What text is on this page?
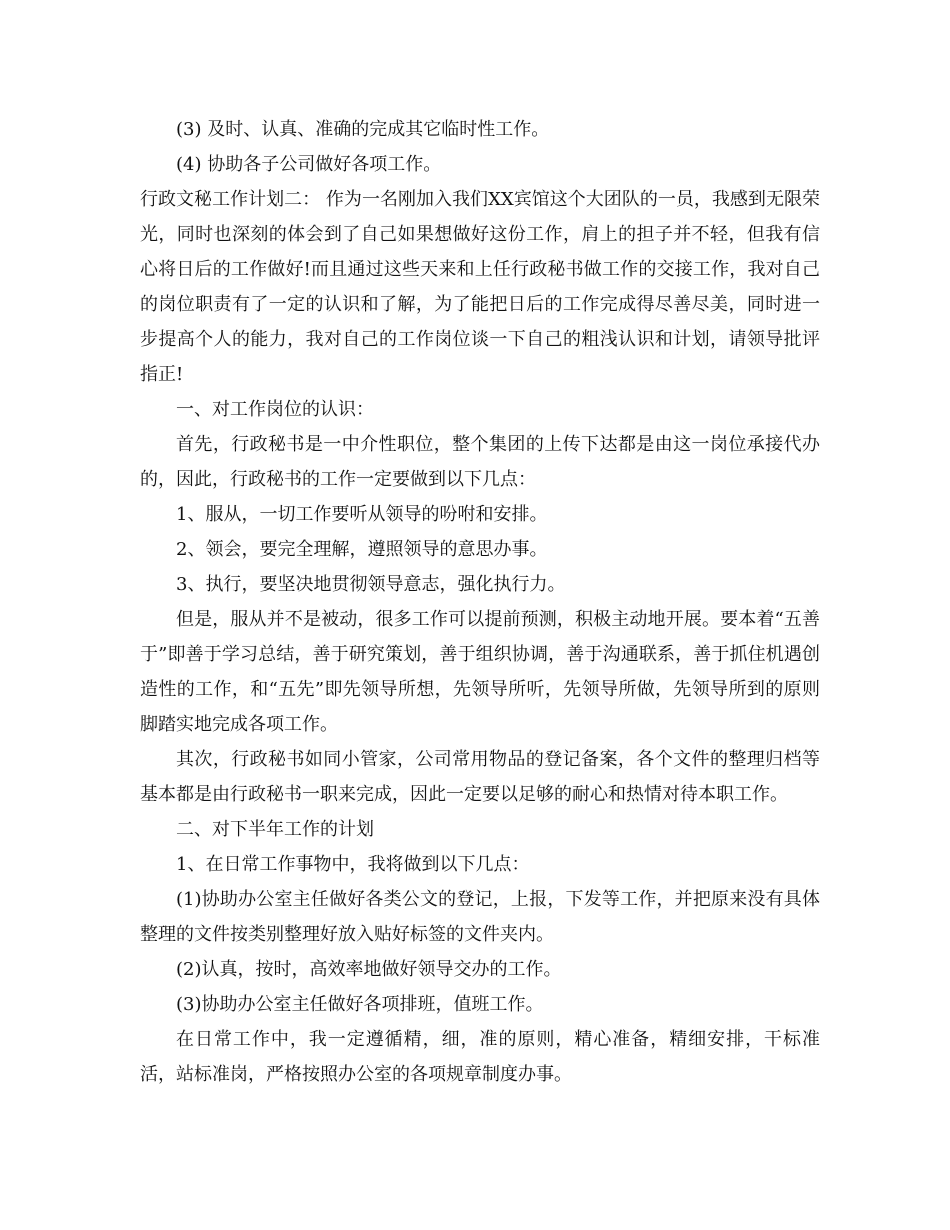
(3) 及时、认真、准确的完成其它临时性工作。

(4) 协助各子公司做好各项工作。

行政文秘工作计划二： 作为一名刚加入我们XX宾馆这个大团队的一员，我感到无限荣光，同时也深刻的体会到了自己如果想做好这份工作，肩上的担子并不轻，但我有信心将日后的工作做好!而且通过这些天来和上任行政秘书做工作的交接工作，我对自己的岗位职责有了一定的认识和了解，为了能把日后的工作完成得尽善尽美，同时进一步提高个人的能力，我对自己的工作岗位谈一下自己的粗浅认识和计划，请领导批评指正!

一、对工作岗位的认识：

首先，行政秘书是一中介性职位，整个集团的上传下达都是由这一岗位承接代办的，因此，行政秘书的工作一定要做到以下几点：

1、服从，一切工作要听从领导的吩咐和安排。

2、领会，要完全理解，遵照领导的意思办事。

3、执行，要坚决地贯彻领导意志，强化执行力。

但是，服从并不是被动，很多工作可以提前预测，积极主动地开展。要本着“五善于”即善于学习总结，善于研究策划，善于组织协调，善于沟通联系，善于抓住机遇创造性的工作，和“五先”即先领导所想，先领导所听，先领导所做，先领导所到的原则脚踏实地完成各项工作。

其次，行政秘书如同小管家，公司常用物品的登记备案，各个文件的整理归档等基本都是由行政秘书一职来完成，因此一定要以足够的耐心和热情对待本职工作。

二、对下半年工作的计划

1、在日常工作事物中，我将做到以下几点：

(1)协助办公室主任做好各类公文的登记，上报，下发等工作，并把原来没有具体整理的文件按类别整理好放入贴好标签的文件夹内。

(2)认真，按时，高效率地做好领导交办的工作。

(3)协助办公室主任做好各项排班，值班工作。

在日常工作中，我一定遵循精，细，准的原则，精心准备，精细安排，干标准活，站标准岗，严格按照办公室的各项规章制度办事。
